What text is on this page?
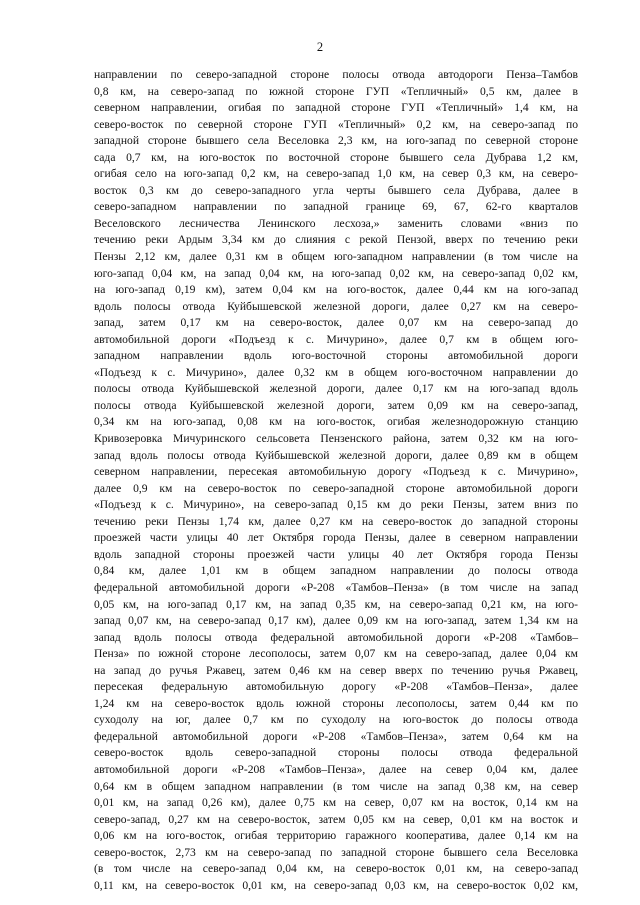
2
направлении по северо-западной стороне полосы отвода автодороги Пенза–Тамбов
0,8 км, на северо-запад по южной стороне ГУП «Тепличный» 0,5 км, далее в
северном направлении, огибая по западной стороне ГУП «Тепличный» 1,4 км, на
северо-восток по северной стороне ГУП «Тепличный» 0,2 км, на северо-запад по
западной стороне бывшего села Веселовка 2,3 км, на юго-запад по северной стороне
сада 0,7 км, на юго-восток по восточной стороне бывшего села Дубрава 1,2 км,
огибая село на юго-запад 0,2 км, на северо-запад 1,0 км, на север 0,3 км, на северо-
восток 0,3 км до северо-западного угла черты бывшего села Дубрава, далее в
северо-западном направлении по западной границе 69, 67, 62-го кварталов
Веселовского лесничества Ленинского лесхоза,» заменить словами «вниз по
течению реки Ардым 3,34 км до слияния с рекой Пензой, вверх по течению реки
Пензы 2,12 км, далее 0,31 км в общем юго-западном направлении (в том числе на
юго-запад 0,04 км, на запад 0,04 км, на юго-запад 0,02 км, на северо-запад 0,02 км,
на юго-запад 0,19 км), затем 0,04 км на юго-восток, далее 0,44 км на юго-запад
вдоль полосы отвода Куйбышевской железной дороги, далее 0,27 км на северо-
запад, затем 0,17 км на северо-восток, далее 0,07 км на северо-запад до
автомобильной дороги «Подъезд к с. Мичурино», далее 0,7 км в общем юго-
западном направлении вдоль юго-восточной стороны автомобильной дороги
«Подъезд к с. Мичурино», далее 0,32 км в общем юго-восточном направлении до
полосы отвода Куйбышевской железной дороги, далее 0,17 км на юго-запад вдоль
полосы отвода Куйбышевской железной дороги, затем 0,09 км на северо-запад,
0,34 км на юго-запад, 0,08 км на юго-восток, огибая железнодорожную станцию
Кривозеровка Мичуринского сельсовета Пензенского района, затем 0,32 км на юго-
запад вдоль полосы отвода Куйбышевской железной дороги, далее 0,89 км в общем
северном направлении, пересекая автомобильную дорогу «Подъезд к с. Мичурино»,
далее 0,9 км на северо-восток по северо-западной стороне автомобильной дороги
«Подъезд к с. Мичурино», на северо-запад 0,15 км до реки Пензы, затем вниз по
течению реки Пензы 1,74 км, далее 0,27 км на северо-восток до западной стороны
проезжей части улицы 40 лет Октября города Пензы, далее в северном направлении
вдоль западной стороны проезжей части улицы 40 лет Октября города Пензы
0,84 км, далее 1,01 км в общем западном направлении до полосы отвода
федеральной автомобильной дороги «Р-208 «Тамбов–Пенза» (в том числе на запад
0,05 км, на юго-запад 0,17 км, на запад 0,35 км, на северо-запад 0,21 км, на юго-
запад 0,07 км, на северо-запад 0,17 км), далее 0,09 км на юго-запад, затем 1,34 км на
запад вдоль полосы отвода федеральной автомобильной дороги «Р-208 «Тамбов–
Пенза» по южной стороне лесополосы, затем 0,07 км на северо-запад, далее 0,04 км
на запад до ручья Ржавец, затем 0,46 км на север вверх по течению ручья Ржавец,
пересекая федеральную автомобильную дорогу «Р-208 «Тамбов–Пенза», далее
1,24 км на северо-восток вдоль южной стороны лесополосы, затем 0,44 км по
суходолу на юг, далее 0,7 км по суходолу на юго-восток до полосы отвода
федеральной автомобильной дороги «Р-208 «Тамбов–Пенза», затем 0,64 км на
северо-восток вдоль северо-западной стороны полосы отвода федеральной
автомобильной дороги «Р-208 «Тамбов–Пенза», далее на север 0,04 км, далее
0,64 км в общем западном направлении (в том числе на запад 0,38 км, на север
0,01 км, на запад 0,26 км), далее 0,75 км на север, 0,07 км на восток, 0,14 км на
северо-запад, 0,27 км на северо-восток, затем 0,05 км на север, 0,01 км на восток и
0,06 км на юго-восток, огибая территорию гаражного кооператива, далее 0,14 км на
северо-восток, 2,73 км на северо-запад по западной стороне бывшего села Веселовка
(в том числе на северо-запад 0,04 км, на северо-восток 0,01 км, на северо-запад
0,11 км, на северо-восток 0,01 км, на северо-запад 0,03 км, на северо-восток 0,02 км,
